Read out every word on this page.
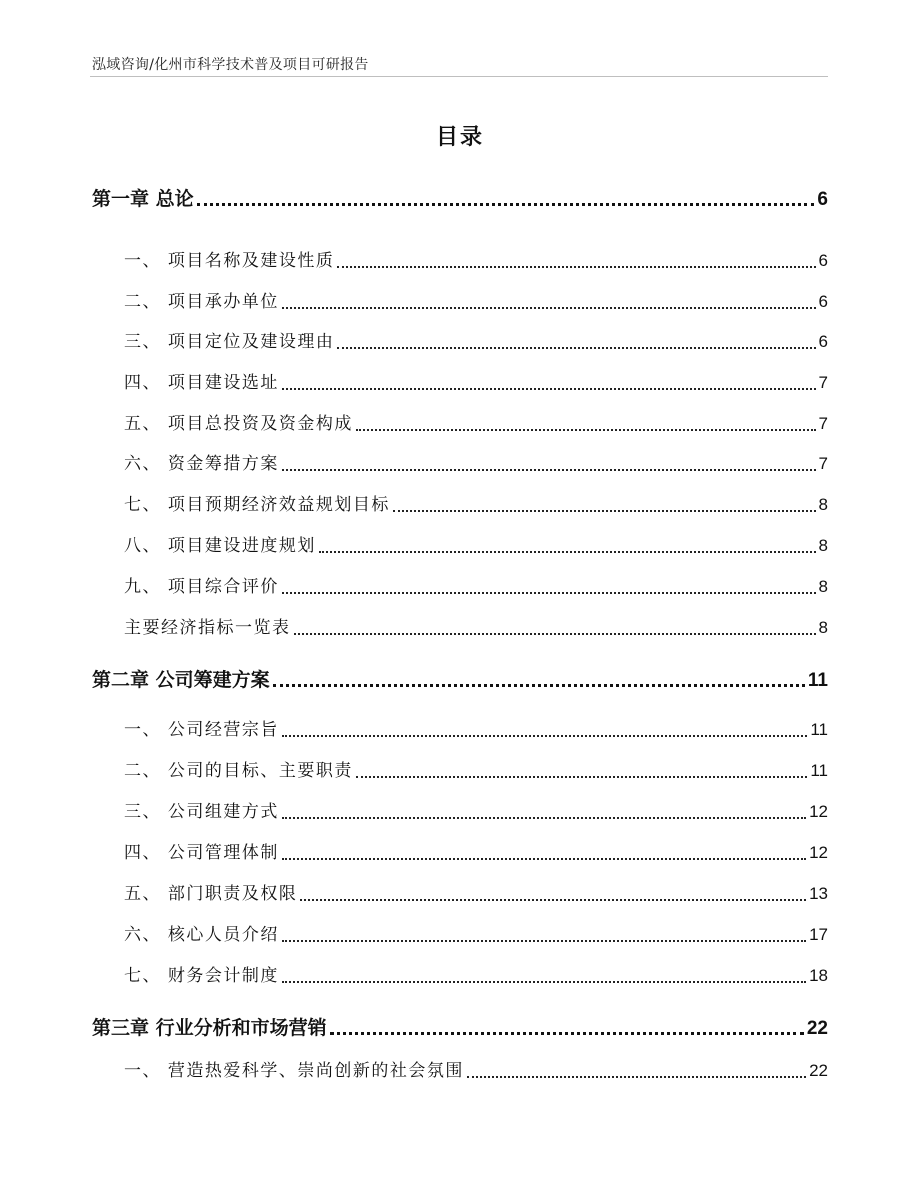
泓域咨询/化州市科学技术普及项目可研报告
目录
第一章 总论	6
一、 项目名称及建设性质	6
二、 项目承办单位	6
三、 项目定位及建设理由	6
四、 项目建设选址	7
五、 项目总投资及资金构成	7
六、 资金筹措方案	7
七、 项目预期经济效益规划目标	8
八、 项目建设进度规划	8
九、 项目综合评价	8
主要经济指标一览表	8
第二章 公司筹建方案	11
一、 公司经营宗旨	11
二、 公司的目标、主要职责	11
三、 公司组建方式	12
四、 公司管理体制	12
五、 部门职责及权限	13
六、 核心人员介绍	17
七、 财务会计制度	18
第三章 行业分析和市场营销	22
一、 营造热爱科学、崇尚创新的社会氛围	22
